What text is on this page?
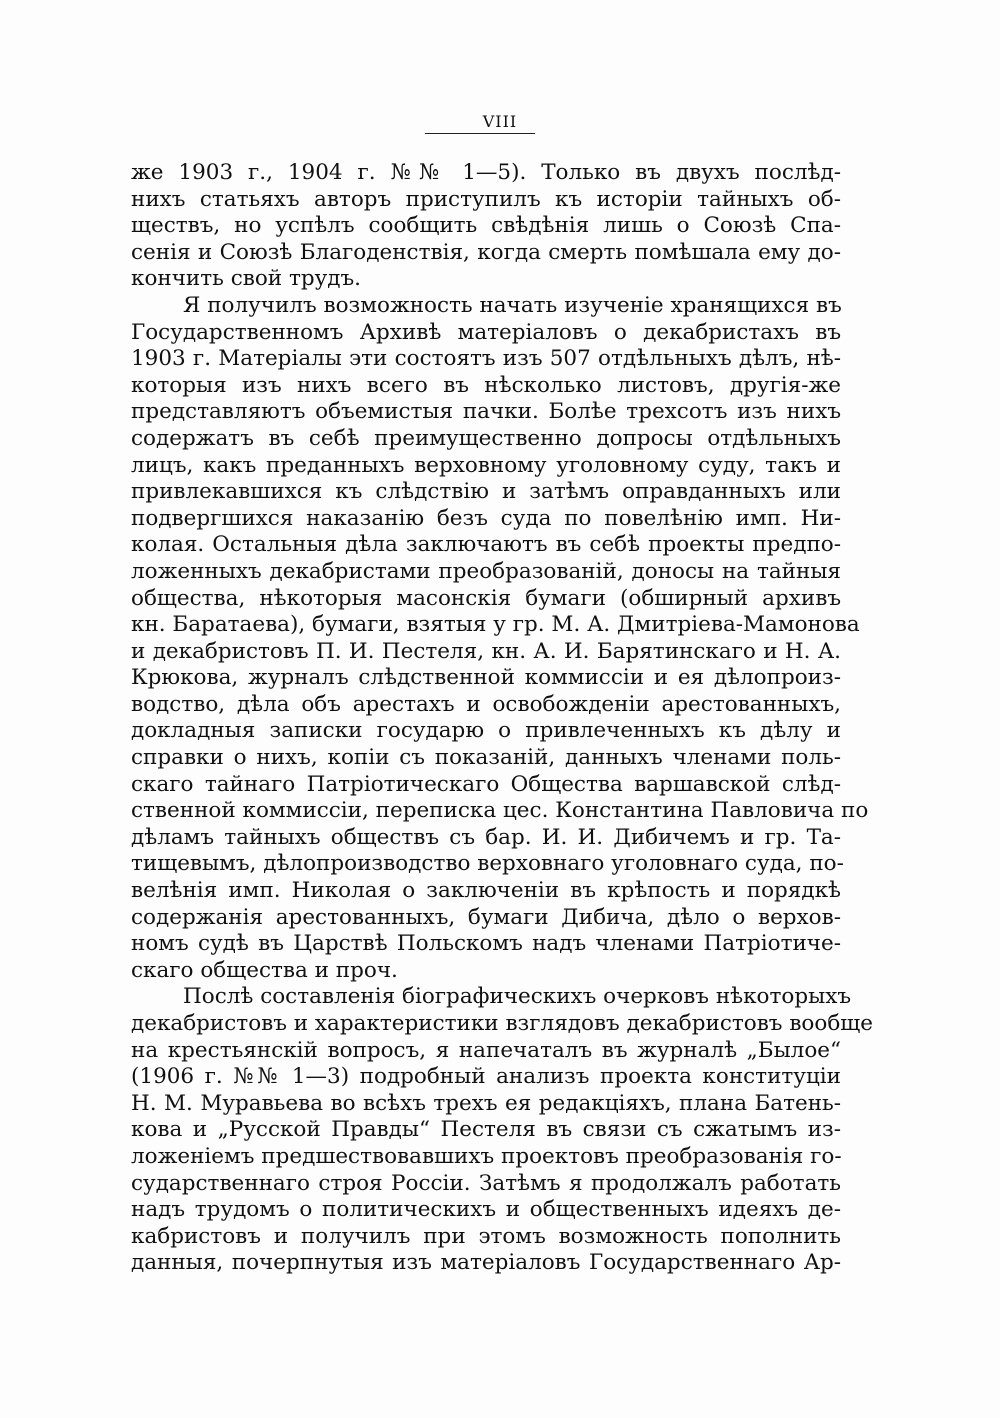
VIII
же 1903 г., 1904 г. №№ 1—5). Только въ двухъ послѣд-
нихъ статьяхъ авторъ приступилъ къ исторіи тайныхъ об-
ществъ, но успѣлъ сообщить свѣдѣнія лишь о Союзѣ Спа-
сенія и Союзѣ Благоденствія, когда смерть помѣшала ему до-
кончить свой трудъ.
Я получилъ возможность начать изученіе хранящихся въ
Государственномъ Архивѣ матеріаловъ о декабристахъ въ
1903 г. Матеріалы эти состоятъ изъ 507 отдѣльныхъ дѣлъ, нѣ-
которыя изъ нихъ всего въ нѣсколько листовъ, другія-же
представляютъ объемистыя пачки. Болѣе трехсотъ изъ нихъ
содержатъ въ себѣ преимущественно допросы отдѣльныхъ
лицъ, какъ преданныхъ верховному уголовному суду, такъ и
привлекавшихся къ слѣдствію и затѣмъ оправданныхъ или
подвергшихся наказанію безъ суда по повелѣнію имп. Ни-
колая. Остальныя дѣла заключаютъ въ себѣ проекты предпо-
ложенныхъ декабристами преобразованій, доносы на тайныя
общества, нѣкоторыя масонскія бумаги (обширный архивъ
кн. Баратаева), бумаги, взятыя у гр. М. А. Дмитріева-Мамонова
и декабристовъ П. И. Пестеля, кн. А. И. Барятинскаго и Н. А.
Крюкова, журналъ слѣдственной коммиссіи и ея дѣлопроиз-
водство, дѣла объ арестахъ и освобожденіи арестованныхъ,
докладныя записки государю о привлеченныхъ къ дѣлу и
справки о нихъ, копіи съ показаній, данныхъ членами поль-
скаго тайнаго Патріотическаго Общества варшавской слѣд-
ственной коммиссіи, переписка цес. Константина Павловича по
дѣламъ тайныхъ обществъ съ бар. И. И. Дибичемъ и гр. Та-
тищевымъ, дѣлопроизводство верховнаго уголовнаго суда, по-
велѣнія имп. Николая о заключеніи въ крѣпость и порядкѣ
содержанія арестованныхъ, бумаги Дибича, дѣло о верхов-
номъ судѣ въ Царствѣ Польскомъ надъ членами Патріотиче-
скаго общества и проч.
Послѣ составленія біографическихъ очерковъ нѣкоторыхъ
декабристовъ и характеристики взглядовъ декабристовъ вообще
на крестьянскій вопросъ, я напечаталъ въ журналѣ „Былое“
(1906 г. №№ 1—3) подробный анализъ проекта конституціи
Н. М. Муравьева во всѣхъ трехъ ея редакціяхъ, плана Батень-
кова и „Русской Правды“ Пестеля въ связи съ сжатымъ из-
ложеніемъ предшествовавшихъ проектовъ преобразованія го-
сударственнаго строя Россіи. Затѣмъ я продолжалъ работать
надъ трудомъ о политическихъ и общественныхъ идеяхъ де-
кабристовъ и получилъ при этомъ возможность пополнить
данныя, почерпнутыя изъ матеріаловъ Государственнаго Ар-
